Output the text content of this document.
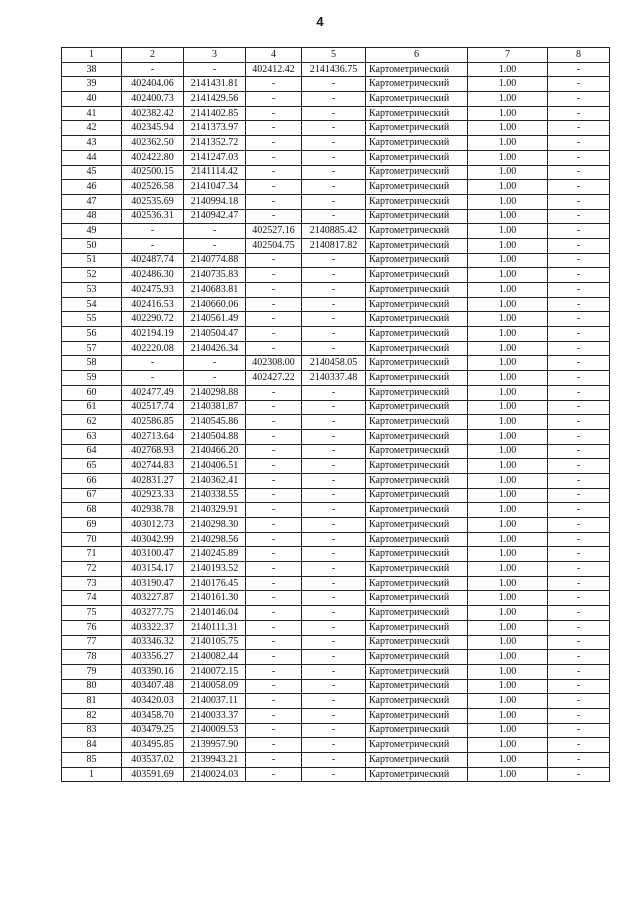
4
1	2	3	4	5	6	7	8
38	-	-	402412.42	2141436.75	Картометрический	1.00	-
39	402404.06	2141431.81	-	-	Картометрический	1.00	-
40	402400.73	2141429.56	-	-	Картометрический	1.00	-
41	402382.42	2141402.85	-	-	Картометрический	1.00	-
42	402345.94	2141373.97	-	-	Картометрический	1.00	-
43	402362.50	2141352.72	-	-	Картометрический	1.00	-
44	402422.80	2141247.03	-	-	Картометрический	1.00	-
45	402500.15	2141114.42	-	-	Картометрический	1.00	-
46	402526.58	2141047.34	-	-	Картометрический	1.00	-
47	402535.69	2140994.18	-	-	Картометрический	1.00	-
48	402536.31	2140942.47	-	-	Картометрический	1.00	-
49	-	-	402527.16	2140885.42	Картометрический	1.00	-
50	-	-	402504.75	2140817.82	Картометрический	1.00	-
51	402487.74	2140774.88	-	-	Картометрический	1.00	-
52	402486.30	2140735.83	-	-	Картометрический	1.00	-
53	402475.93	2140683.81	-	-	Картометрический	1.00	-
54	402416.53	2140660.06	-	-	Картометрический	1.00	-
55	402290.72	2140561.49	-	-	Картометрический	1.00	-
56	402194.19	2140504.47	-	-	Картометрический	1.00	-
57	402220.08	2140426.34	-	-	Картометрический	1.00	-
58	-	-	402308.00	2140458.05	Картометрический	1.00	-
59	-	-	402427.22	2140337.48	Картометрический	1.00	-
60	402477.49	2140298.88	-	-	Картометрический	1.00	-
61	402517.74	2140381.87	-	-	Картометрический	1.00	-
62	402586.85	2140545.86	-	-	Картометрический	1.00	-
63	402713.64	2140504.88	-	-	Картометрический	1.00	-
64	402768.93	2140466.20	-	-	Картометрический	1.00	-
65	402744.83	2140406.51	-	-	Картометрический	1.00	-
66	402831.27	2140362.41	-	-	Картометрический	1.00	-
67	402923.33	2140338.55	-	-	Картометрический	1.00	-
68	402938.78	2140329.91	-	-	Картометрический	1.00	-
69	403012.73	2140298.30	-	-	Картометрический	1.00	-
70	403042.99	2140298.56	-	-	Картометрический	1.00	-
71	403100.47	2140245.89	-	-	Картометрический	1.00	-
72	403154.17	2140193.52	-	-	Картометрический	1.00	-
73	403190.47	2140176.45	-	-	Картометрический	1.00	-
74	403227.87	2140161.30	-	-	Картометрический	1.00	-
75	403277.75	2140146.04	-	-	Картометрический	1.00	-
76	403322.37	2140111.31	-	-	Картометрический	1.00	-
77	403346.32	2140105.75	-	-	Картометрический	1.00	-
78	403356.27	2140082.44	-	-	Картометрический	1.00	-
79	403390.16	2140072.15	-	-	Картометрический	1.00	-
80	403407.48	2140058.09	-	-	Картометрический	1.00	-
81	403420.03	2140037.11	-	-	Картометрический	1.00	-
82	403458.70	2140033.37	-	-	Картометрический	1.00	-
83	403479.25	2140009.53	-	-	Картометрический	1.00	-
84	403495.85	2139957.90	-	-	Картометрический	1.00	-
85	403537.02	2139943.21	-	-	Картометрический	1.00	-
1	403591.69	2140024.03	-	-	Картометрический	1.00	-
